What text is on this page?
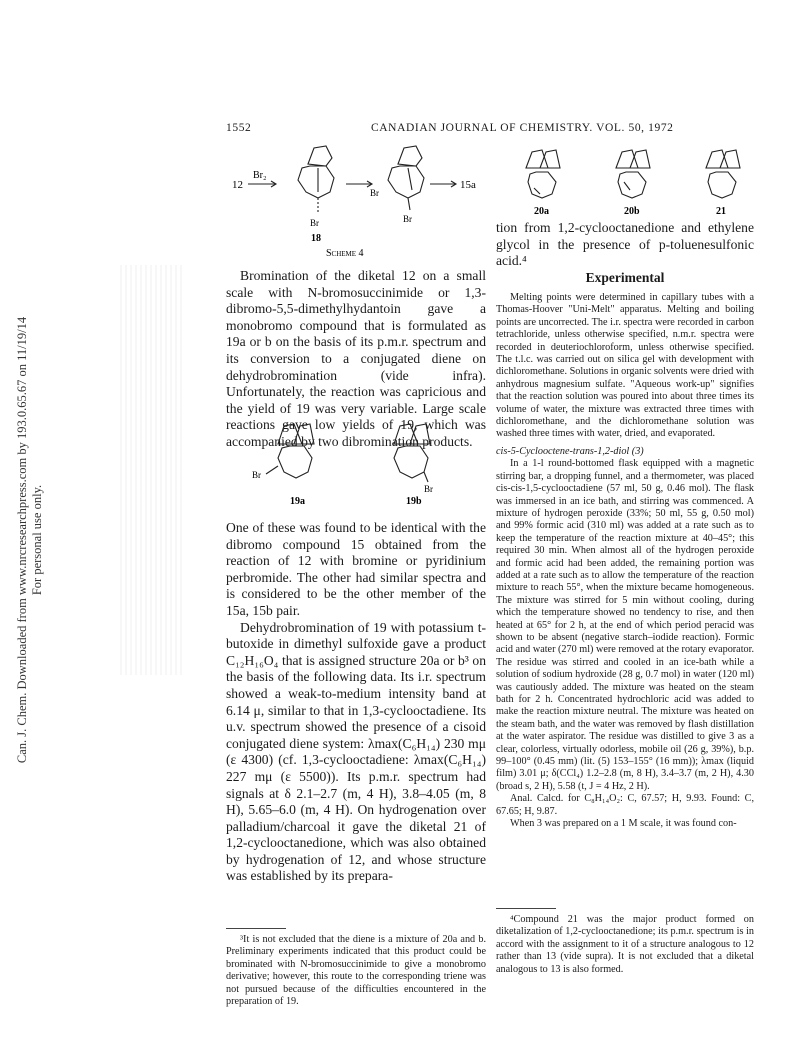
Can. J. Chem. Downloaded from www.nrcresearchpress.com by 193.0.65.67 on 11/19/14 For personal use only.
1552	CANADIAN JOURNAL OF CHEMISTRY. VOL. 50, 1972
12
Br₂
Br
18
Br
Br
15a
Scheme 4
20a	20b	21
Br
Br
19a	19b

Bromination of the diketal 12 on a small scale with N-bromosuccinimide or 1,3-dibromo-5,5-dimethylhydantoin gave a monobromo compound that is formulated as 19a or b on the basis of its p.m.r. spectrum and its conversion to a conjugated diene on dehydrobromination (vide infra). Unfortunately, the reaction was capricious and the yield of 19 was very variable. Large scale reactions gave low yields of 19, which was accompanied by two dibromination products.

One of these was found to be identical with the dibromo compound 15 obtained from the reaction of 12 with bromine or pyridinium perbromide. The other had similar spectra and is considered to be the other member of the 15a, 15b pair.

Dehydrobromination of 19 with potassium t-butoxide in dimethyl sulfoxide gave a product C₁₂H₁₆O₄ that is assigned structure 20a or b³ on the basis of the following data. Its i.r. spectrum showed a weak-to-medium intensity band at 6.14 μ, similar to that in 1,3-cyclooctadiene. Its u.v. spectrum showed the presence of a cisoid conjugated diene system: λmax(C₆H₁₄) 230 mμ (ε 4300) (cf. 1,3-cyclooctadiene: λmax(C₆H₁₄) 227 mμ (ε 5500)). Its p.m.r. spectrum had signals at δ 2.1–2.7 (m, 4 H), 3.8–4.05 (m, 8 H), 5.65–6.0 (m, 4 H). On hydrogenation over palladium/charcoal it gave the diketal 21 of 1,2-cyclooctanedione, which was also obtained by hydrogenation of 12, and whose structure was established by its prepara-

³It is not excluded that the diene is a mixture of 20a and b. Preliminary experiments indicated that this product could be brominated with N-bromosuccinimide to give a monobromo derivative; however, this route to the corresponding triene was not pursued because of the difficulties encountered in the preparation of 19.

tion from 1,2-cyclooctanedione and ethylene glycol in the presence of p-toluenesulfonic acid.⁴

Experimental

Melting points were determined in capillary tubes with a Thomas-Hoover "Uni-Melt" apparatus. Melting and boiling points are uncorrected. The i.r. spectra were recorded in carbon tetrachloride, unless otherwise specified, n.m.r. spectra were recorded in deuteriochloroform, unless otherwise specified. The t.l.c. was carried out on silica gel with development with dichloromethane. Solutions in organic solvents were dried with anhydrous magnesium sulfate. "Aqueous work-up" signifies that the reaction solution was poured into about three times its volume of water, the mixture was extracted three times with dichloromethane, and the dichloromethane solution was washed three times with water, dried, and evaporated.

cis-5-Cyclooctene-trans-1,2-diol (3)

In a 1-l round-bottomed flask equipped with a magnetic stirring bar, a dropping funnel, and a thermometer, was placed cis-cis-1,5-cyclooctadiene (57 ml, 50 g, 0.46 mol). The flask was immersed in an ice bath, and stirring was commenced. A mixture of hydrogen peroxide (33%; 50 ml, 55 g, 0.50 mol) and 99% formic acid (310 ml) was added at a rate such as to keep the temperature of the reaction mixture at 40–45°; this required 30 min. When almost all of the hydrogen peroxide and formic acid had been added, the remaining portion was added at a rate such as to allow the temperature of the reaction mixture to reach 55°, when the mixture became homogeneous. The mixture was stirred for 5 min without cooling, during which the temperature showed no tendency to rise, and then heated at 65° for 2 h, at the end of which period peracid was shown to be absent (negative starch–iodide reaction). Formic acid and water (270 ml) were removed at the rotary evaporator. The residue was stirred and cooled in an ice-bath while a solution of sodium hydroxide (28 g, 0.7 mol) in water (120 ml) was cautiously added. The mixture was heated on the steam bath for 2 h. Concentrated hydrochloric acid was added to make the reaction mixture neutral. The mixture was heated on the steam bath, and the water was removed by flash distillation at the water aspirator. The residue was distilled to give 3 as a clear, colorless, virtually odorless, mobile oil (26 g, 39%), b.p. 99–100° (0.45 mm) (lit. (5) 153–155° (16 mm)); λmax (liquid film) 3.01 μ; δ(CCl₄) 1.2–2.8 (m, 8 H), 3.4–3.7 (m, 2 H), 4.30 (broad s, 2 H), 5.58 (t, J = 4 Hz, 2 H).

Anal. Calcd. for C₈H₁₄O₂: C, 67.57; H, 9.93. Found: C, 67.65; H, 9.87.

When 3 was prepared on a 1 M scale, it was found con-

⁴Compound 21 was the major product formed on diketalization of 1,2-cyclooctanedione; its p.m.r. spectrum is in accord with the assignment to it of a structure analogous to 12 rather than 13 (vide supra). It is not excluded that a diketal analogous to 13 is also formed.
